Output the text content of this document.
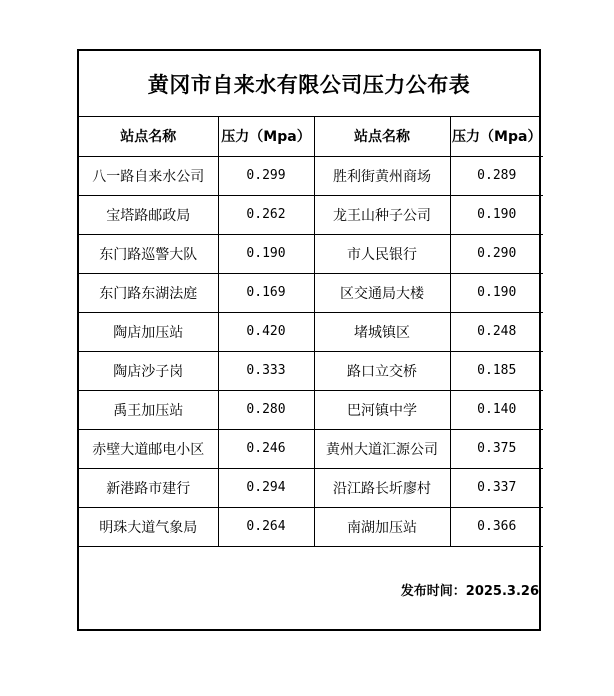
黄冈市自来水有限公司压力公布表
站点名称	压力（Mpa）	站点名称	压力（Mpa）
八一路自来水公司	0.299	胜利街黄州商场	0.289
宝塔路邮政局	0.262	龙王山种子公司	0.190
东门路巡警大队	0.190	市人民银行	0.290
东门路东湖法庭	0.169	区交通局大楼	0.190
陶店加压站	0.420	堵城镇区	0.248
陶店沙子岗	0.333	路口立交桥	0.185
禹王加压站	0.280	巴河镇中学	0.140
赤壁大道邮电小区	0.246	黄州大道汇源公司	0.375
新港路市建行	0.294	沿江路长圻廖村	0.337
明珠大道气象局	0.264	南湖加压站	0.366
发布时间：2025.3.26
